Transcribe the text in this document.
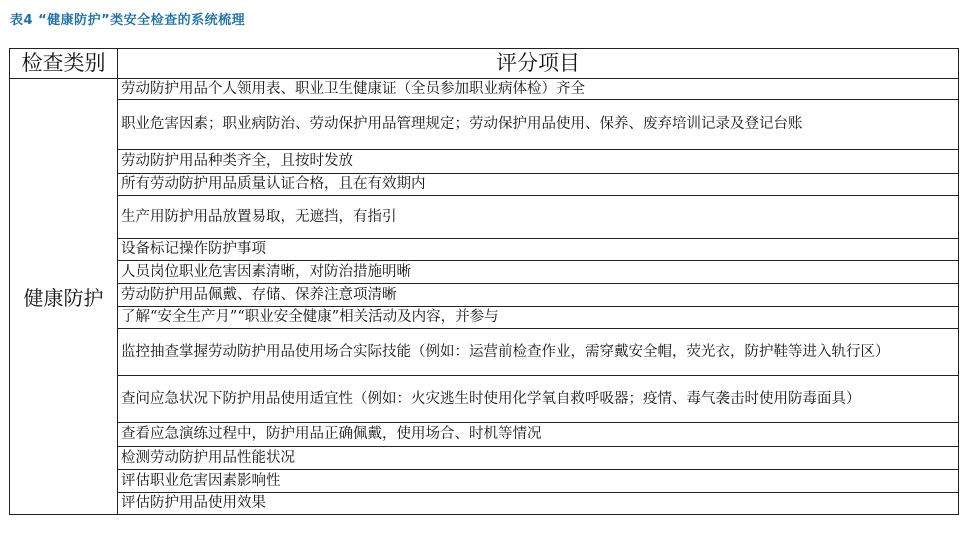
表4 “健康防护”类安全检查的系统梳理
检查类别	评分项目
健康防护	劳动防护用品个人领用表、职业卫生健康证（全员参加职业病体检）齐全
	职业危害因素；职业病防治、劳动保护用品管理规定；劳动保护用品使用、保养、废弃培训记录及登记台账
	劳动防护用品种类齐全，且按时发放
	所有劳动防护用品质量认证合格，且在有效期内
	生产用防护用品放置易取，无遮挡，有指引
	设备标记操作防护事项
	人员岗位职业危害因素清晰，对防治措施明晰
	劳动防护用品佩戴、存储、保养注意项清晰
	了解“安全生产月”“职业安全健康”相关活动及内容，并参与
	监控抽查掌握劳动防护用品使用场合实际技能（例如：运营前检查作业，需穿戴安全帽，荧光衣，防护鞋等进入轨行区）
	查问应急状况下防护用品使用适宜性（例如：火灾逃生时使用化学氧自救呼吸器；疫情、毒气袭击时使用防毒面具）
	查看应急演练过程中，防护用品正确佩戴，使用场合、时机等情况
	检测劳动防护用品性能状况
	评估职业危害因素影响性
	评估防护用品使用效果
